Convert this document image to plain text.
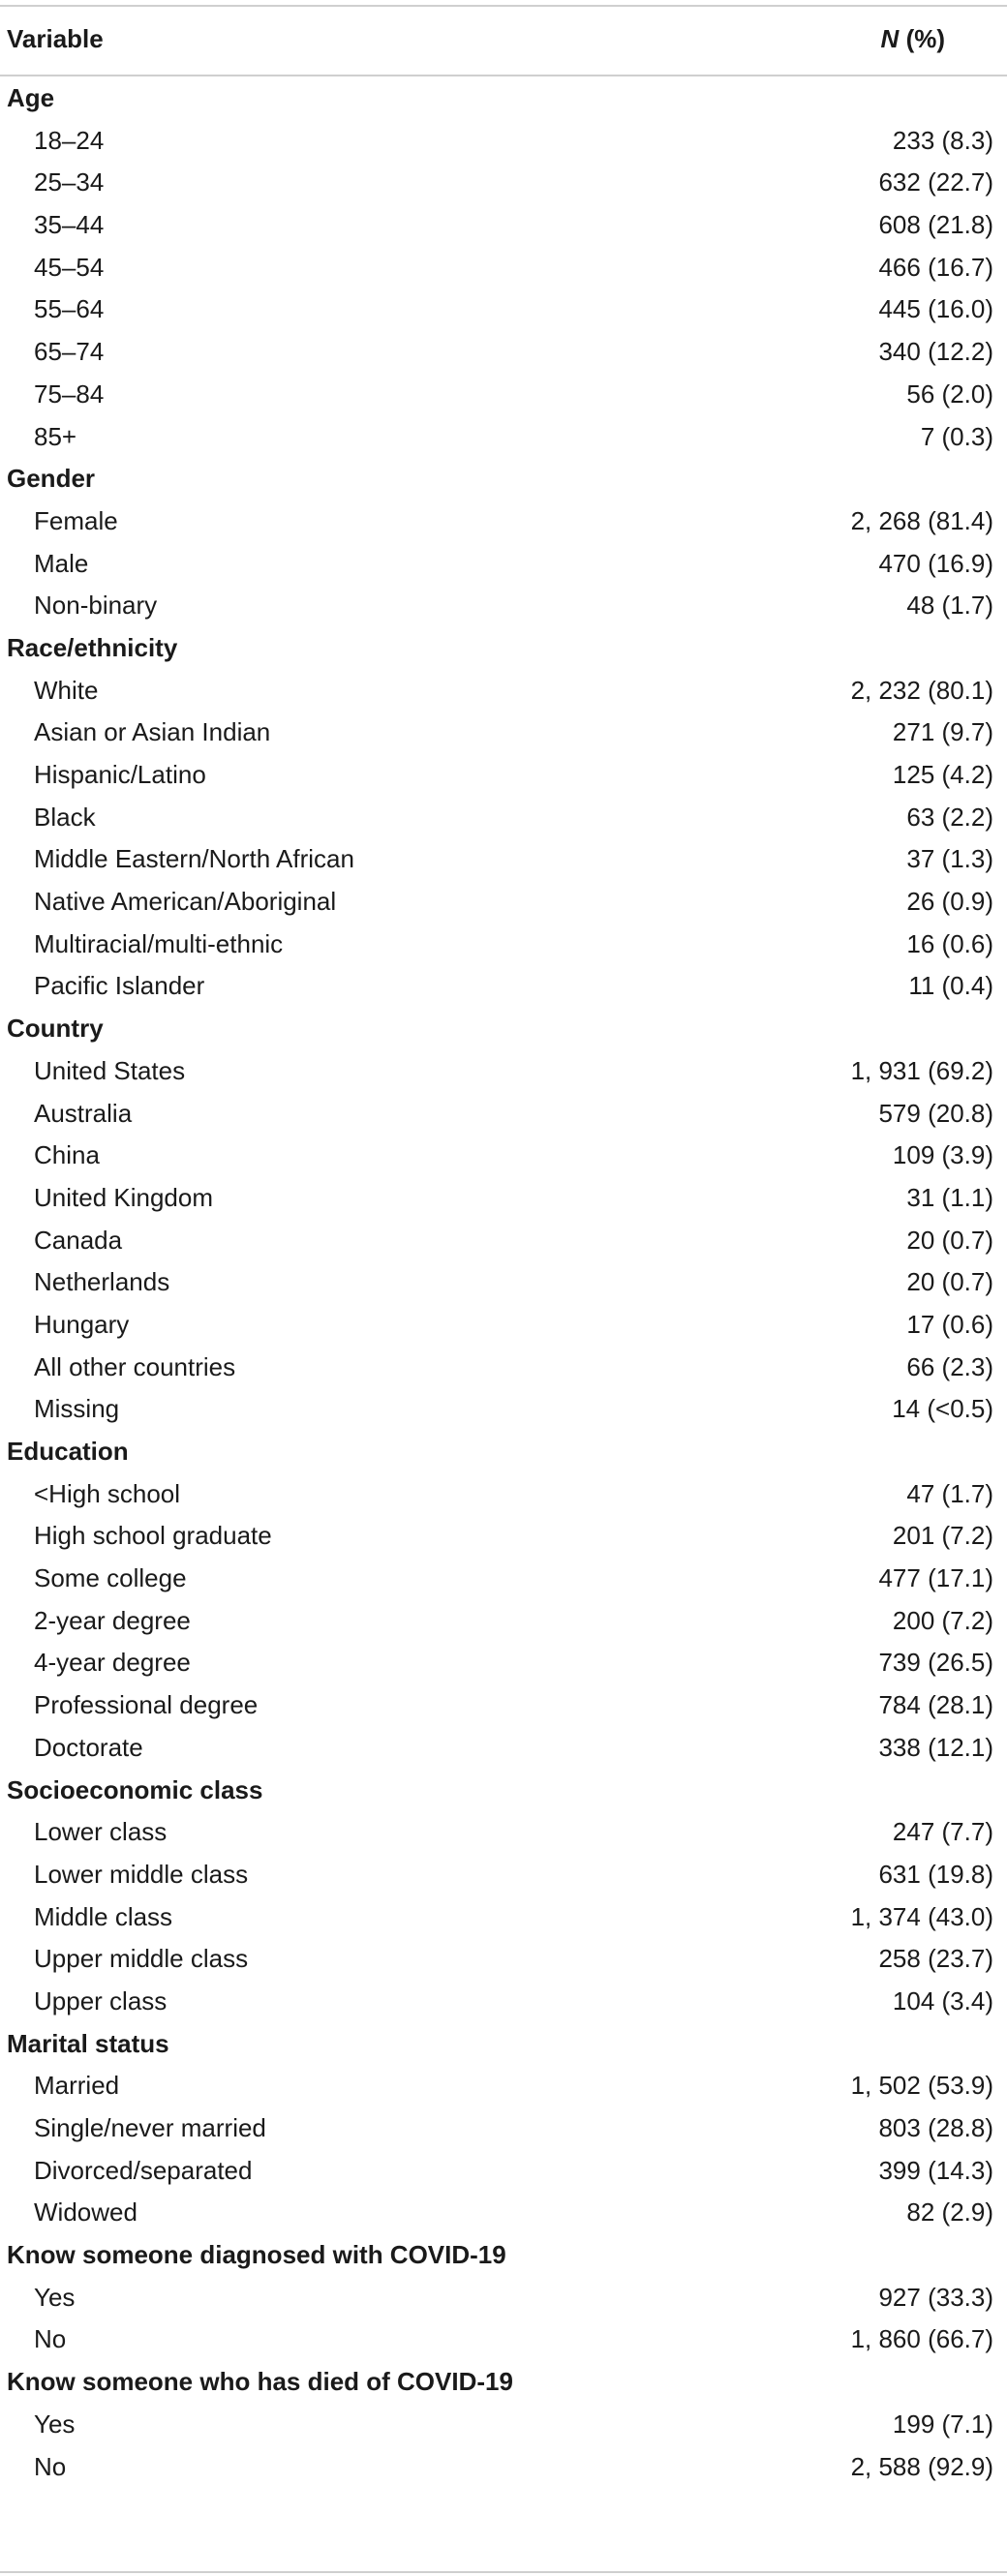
Variable	N (%)
Age
18–24	233 (8.3)
25–34	632 (22.7)
35–44	608 (21.8)
45–54	466 (16.7)
55–64	445 (16.0)
65–74	340 (12.2)
75–84	56 (2.0)
85+	7 (0.3)
Gender
Female	2, 268 (81.4)
Male	470 (16.9)
Non-binary	48 (1.7)
Race/ethnicity
White	2, 232 (80.1)
Asian or Asian Indian	271 (9.7)
Hispanic/Latino	125 (4.2)
Black	63 (2.2)
Middle Eastern/North African	37 (1.3)
Native American/Aboriginal	26 (0.9)
Multiracial/multi-ethnic	16 (0.6)
Pacific Islander	11 (0.4)
Country
United States	1, 931 (69.2)
Australia	579 (20.8)
China	109 (3.9)
United Kingdom	31 (1.1)
Canada	20 (0.7)
Netherlands	20 (0.7)
Hungary	17 (0.6)
All other countries	66 (2.3)
Missing	14 (<0.5)
Education
<High school	47 (1.7)
High school graduate	201 (7.2)
Some college	477 (17.1)
2-year degree	200 (7.2)
4-year degree	739 (26.5)
Professional degree	784 (28.1)
Doctorate	338 (12.1)
Socioeconomic class
Lower class	247 (7.7)
Lower middle class	631 (19.8)
Middle class	1, 374 (43.0)
Upper middle class	258 (23.7)
Upper class	104 (3.4)
Marital status
Married	1, 502 (53.9)
Single/never married	803 (28.8)
Divorced/separated	399 (14.3)
Widowed	82 (2.9)
Know someone diagnosed with COVID-19
Yes	927 (33.3)
No	1, 860 (66.7)
Know someone who has died of COVID-19
Yes	199 (7.1)
No	2, 588 (92.9)
